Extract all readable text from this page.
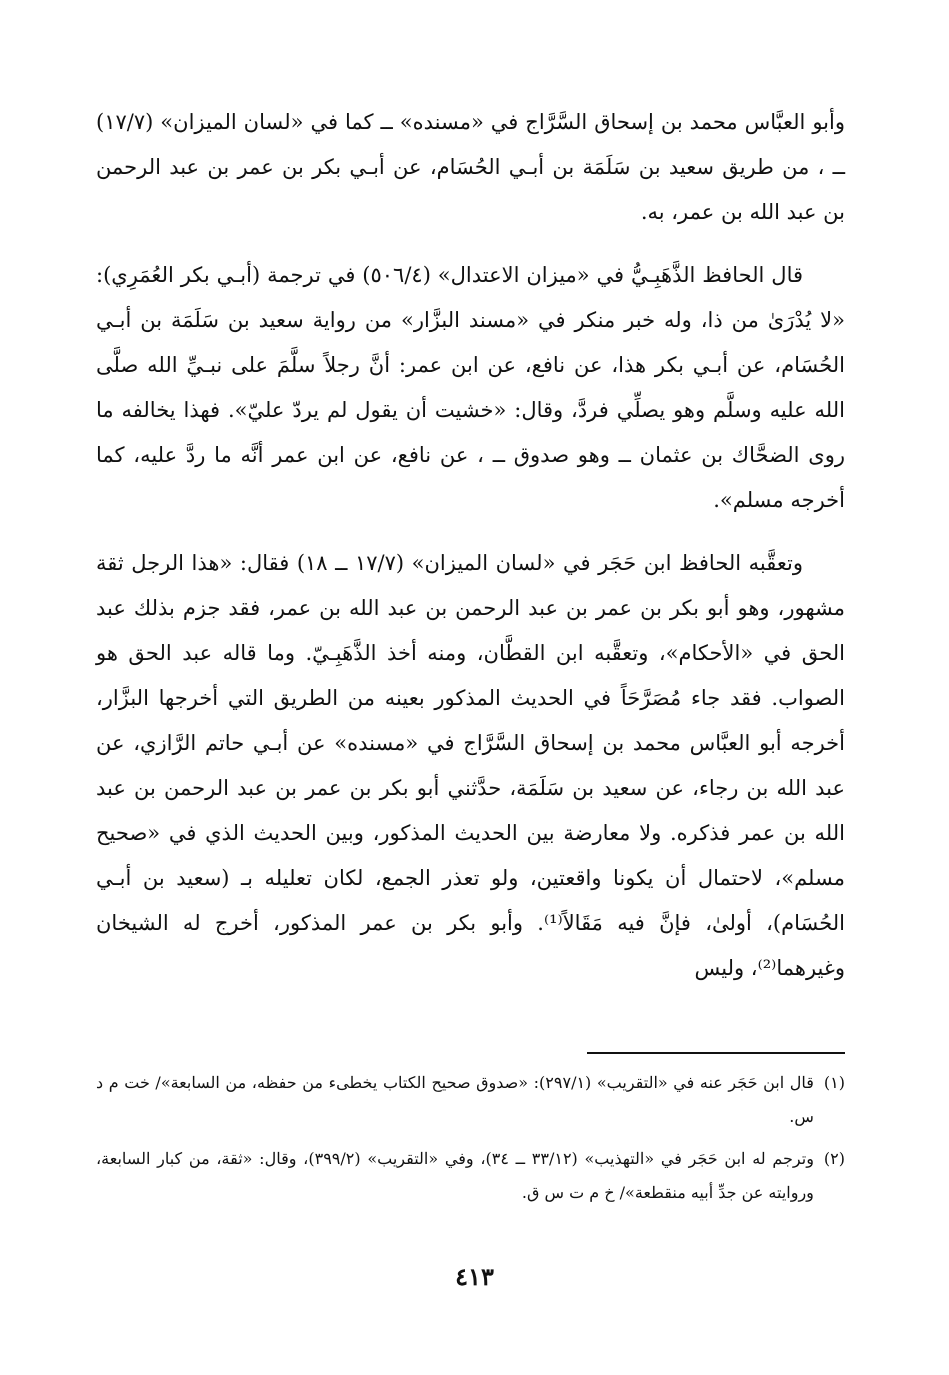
وأبو العبَّاس محمد بن إسحاق السَّرَّاج في «مسنده» ــ كما في «لسان الميزان» (١٧/٧) ــ ، من طريق سعيد بن سَلَمَة بن أبـي الحُسَام، عن أبـي بكر بن عمر بن عبد الرحمن بن عبد الله بن عمر، به.

قال الحافظ الذَّهَبِـيُّ في «ميزان الاعتدال» (٥٠٦/٤) في ترجمة (أبـي بكر العُمَرِي): «لا يُدْرَىٰ من ذا، وله خبر منكر في «مسند البزَّار» من رواية سعيد بن سَلَمَة بن أبـي الحُسَام، عن أبـي بكر هذا، عن نافع، عن ابن عمر: أنَّ رجلاً سلَّمَ على نبـيِّ الله صلَّى الله عليه وسلَّم وهو يصلِّي فردَّ، وقال: «خشيت أن يقول لم يردّ عليّ». فهذا يخالفه ما روى الضحَّاك بن عثمان ــ وهو صدوق ــ ، عن نافع، عن ابن عمر أنَّه ما ردَّ عليه، كما أخرجه مسلم».

وتعقَّبه الحافظ ابن حَجَر في «لسان الميزان» (١٧/٧ ــ ١٨) فقال: «هذا الرجل ثقة مشهور، وهو أبو بكر بن عمر بن عبد الرحمن بن عبد الله بن عمر، فقد جزم بذلك عبد الحق في «الأحكام»، وتعقَّبه ابن القطَّان، ومنه أخذ الذَّهَبِـيّ. وما قاله عبد الحق هو الصواب. فقد جاء مُصَرَّحَاً في الحديث المذكور بعينه من الطريق التي أخرجها البزَّار، أخرجه أبو العبَّاس محمد بن إسحاق السَّرَّاج في «مسنده» عن أبـي حاتم الرَّازي، عن عبد الله بن رجاء، عن سعيد بن سَلَمَة، حدَّثني أبو بكر بن عمر بن عبد الرحمن بن عبد الله بن عمر فذكره. ولا معارضة بين الحديث المذكور، وبين الحديث الذي في «صحيح مسلم»، لاحتمال أن يكونا واقعتين، ولو تعذر الجمع، لكان تعليله بـ (سعيد بن أبـي الحُسَام)، أولىٰ، فإنَّ فيه مَقَالاً⁽¹⁾. وأبو بكر بن عمر المذكور، أخرج له الشيخان وغيرهما⁽²⁾، وليس

(١)
قال ابن حَجَر عنه في «التقريب» (٢٩٧/١): «صدوق صحيح الكتاب يخطىء من حفظه، من السابعة»/ خت م د س.
(٢)
وترجم له ابن حَجَر في «التهذيب» (٣٣/١٢ ــ ٣٤)، وفي «التقريب» (٣٩٩/٢)، وقال: «ثقة، من كبار السابعة، وروايته عن جدِّ أبيه منقطعة»/ خ م ت س ق.
٤١٣
